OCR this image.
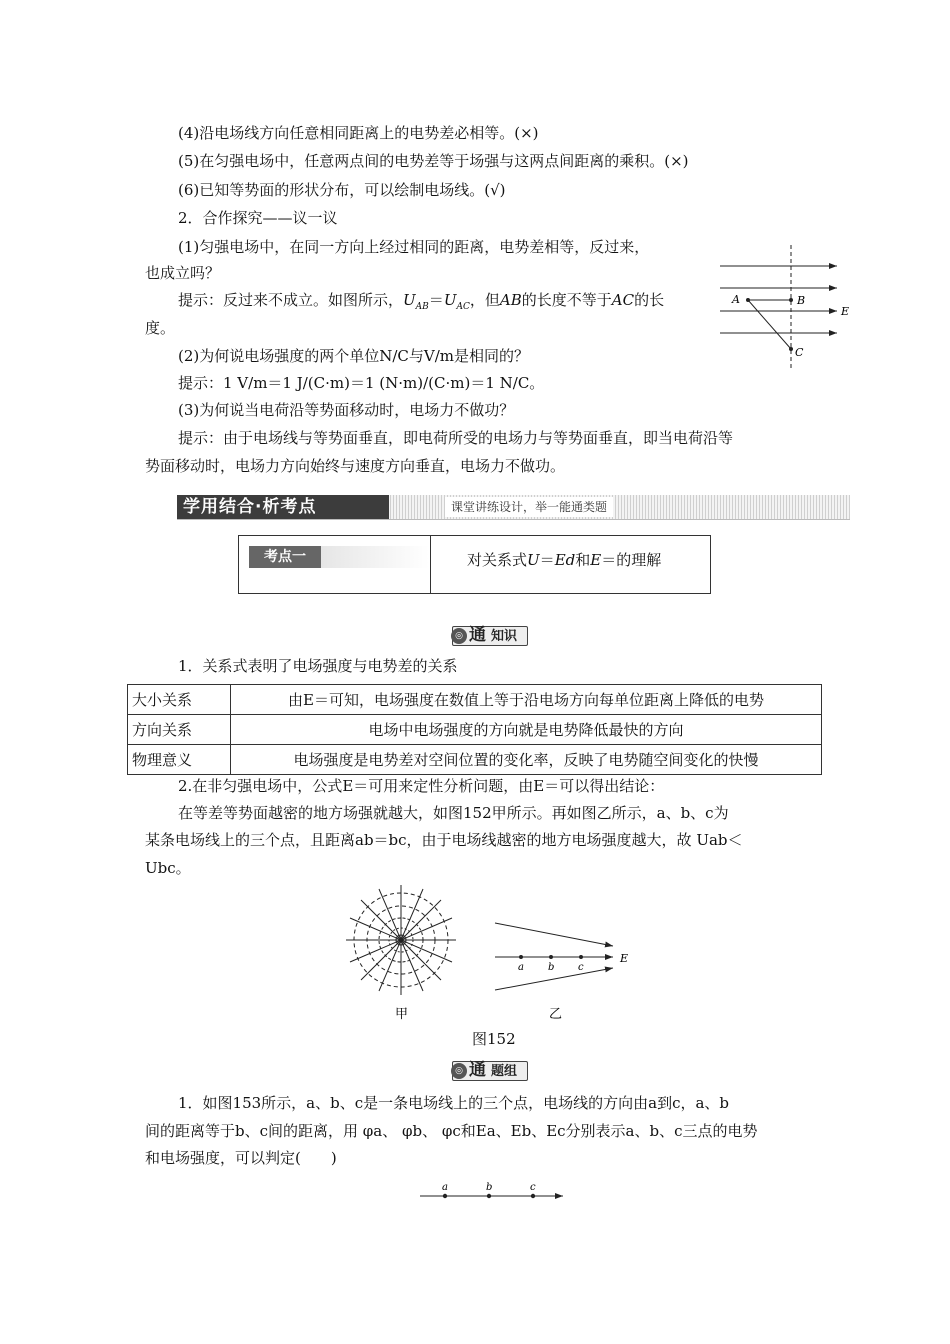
(4)沿电场线方向任意相同距离上的电势差必相等。(×)
(5)在匀强电场中，任意两点间的电势差等于场强与这两点间距离的乘积。(×)
(6)已知等势面的形状分布，可以绘制电场线。(√)
2．合作探究——议一议
(1)匀强电场中，在同一方向上经过相同的距离，电势差相等，反过来，
也成立吗？
提示：反过来不成立。如图所示，$U_{AB}=U_{AC}$，但AB的长度不等于AC的长
度。
A	B
C
E
(2)为何说电场强度的两个单位N/C与V/m是相同的？
提示：1 V/m＝1 J/(C·m)＝1 (N·m)/(C·m)＝1 N/C。
(3)为何说当电荷沿等势面移动时，电场力不做功？
提示：由于电场线与等势面垂直，即电荷所受的电场力与等势面垂直，即当电荷沿等
势面移动时，电场力方向始终与速度方向垂直，电场力不做功。
学用结合·析考点	课堂讲练设计，举一能通类题
考点一	对关系式U＝Ed和E＝的理解
◎ 通 知识
1．关系式表明了电场强度与电势差的关系
大小关系	由E＝可知，电场强度在数值上等于沿电场方向每单位距离上降低的电势
方向关系	电场中电场强度的方向就是电势降低最快的方向
物理意义	电场强度是电势差对空间位置的变化率，反映了电势随空间变化的快慢
2.在非匀强电场中，公式E＝可用来定性分析问题，由E＝可以得出结论：
在等差等势面越密的地方场强就越大，如图152甲所示。再如图乙所示，a、b、c为
某条电场线上的三个点，且距离ab＝bc，由于电场线越密的地方电场强度越大，故 Uab＜
Ubc。
a b c
E
甲	乙
图152
◎ 通 题组
1．如图153所示，a、b、c是一条电场线上的三个点，电场线的方向由a到c，a、b
间的距离等于b、c间的距离，用 φa、 φb、 φc和Ea、Eb、Ec分别表示a、b、c三点的电势
和电场强度，可以判定(　　)
a	b	c
